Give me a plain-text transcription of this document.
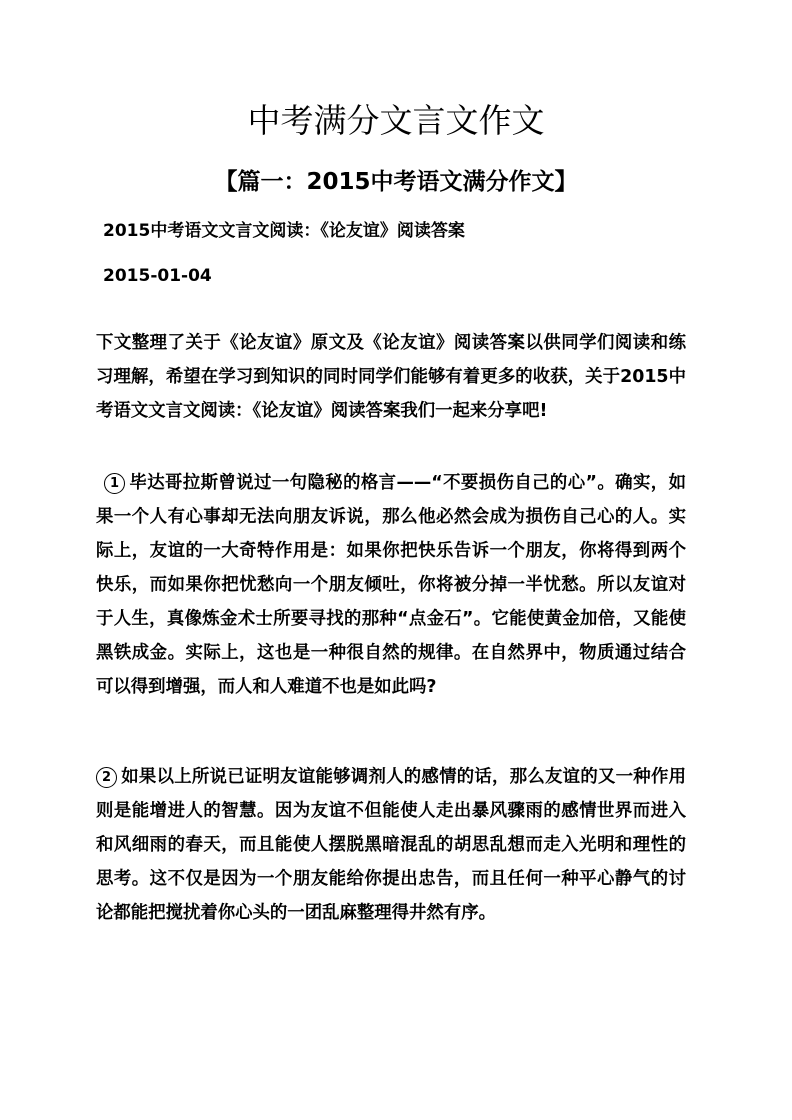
中考满分文言文作文
【篇一：2015中考语文满分作文】

2015中考语文文言文阅读：《论友谊》阅读答案

2015-01-04

下文整理了关于《论友谊》原文及《论友谊》阅读答案以供同学们阅读和练习理解，希望在学习到知识的同时同学们能够有着更多的收获，关于2015中考语文文言文阅读：《论友谊》阅读答案我们一起来分享吧!

1 毕达哥拉斯曾说过一句隐秘的格言——“不要损伤自己的心”。确实，如果一个人有心事却无法向朋友诉说，那么他必然会成为损伤自己心的人。实际上，友谊的一大奇特作用是：如果你把快乐告诉一个朋友，你将得到两个快乐，而如果你把忧愁向一个朋友倾吐，你将被分掉一半忧愁。所以友谊对于人生，真像炼金术士所要寻找的那种“点金石”。它能使黄金加倍，又能使黑铁成金。实际上，这也是一种很自然的规律。在自然界中，物质通过结合可以得到增强，而人和人难道不也是如此吗?

2 如果以上所说已证明友谊能够调剂人的感情的话，那么友谊的又一种作用则是能增进人的智慧。因为友谊不但能使人走出暴风骤雨的感情世界而进入和风细雨的春天，而且能使人摆脱黑暗混乱的胡思乱想而走入光明和理性的思考。这不仅是因为一个朋友能给你提出忠告，而且任何一种平心静气的讨论都能把搅扰着你心头的一团乱麻整理得井然有序。
